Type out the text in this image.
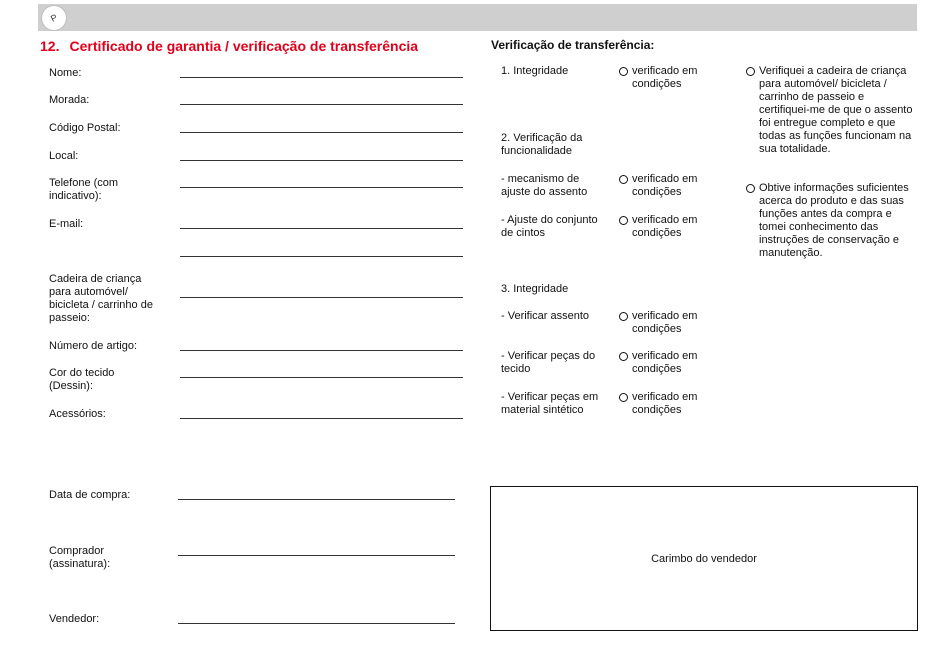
P
12. Certificado de garantia / verificação de transferência
Nome:
Morada:
Código Postal:
Local:
Telefone (com indicativo):
E-mail:
Cadeira de criança para automóvel/ bicicleta / carrinho de passeio:
Número de artigo:
Cor do tecido (Dessin):
Acessórios:
Data de compra:
Comprador (assinatura):
Vendedor:
Verificação de transferência:
1. Integridade	verificado em condições
2. Verificação da funcionalidade
- mecanismo de ajuste do assento
verificado em condições
- Ajuste do conjunto de cintos
verificado em condições
3. Integridade
- Verificar assento	verificado em condições
- Verificar peças do tecido
verificado em condições
- Verificar peças em material sintético
verificado em condições
Verifiquei a cadeira de criança para automóvel/ bicicleta / carrinho de passeio e certifiquei-me de que o assento foi entregue completo e que todas as funções funcionam na sua totalidade.
Obtive informações suficientes acerca do produto e das suas funções antes da compra e tomei conhecimento das instruções de conservação e manutenção.
Carimbo do vendedor
